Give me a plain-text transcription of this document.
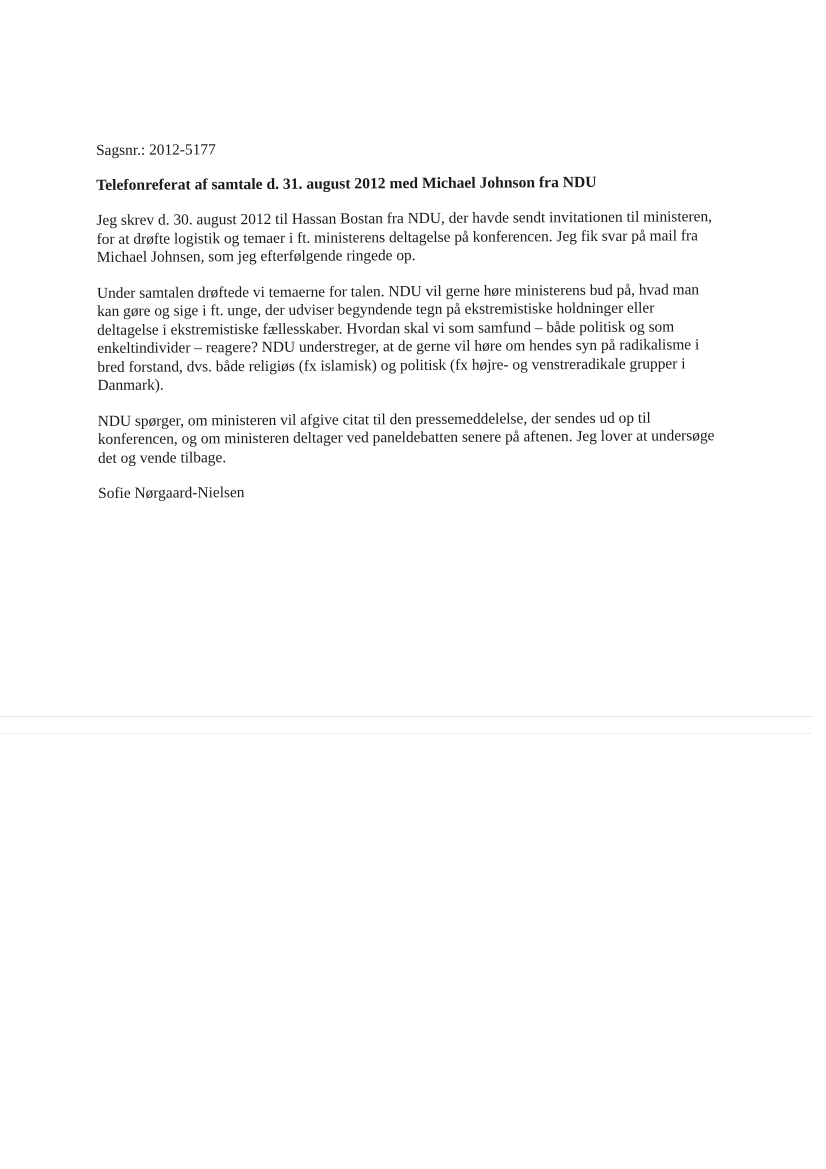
Sagsnr.: 2012-5177

Telefonreferat af samtale d. 31. august 2012 med Michael Johnson fra NDU

Jeg skrev d. 30. august 2012 til Hassan Bostan fra NDU, der havde sendt invitationen til ministeren,
for at drøfte logistik og temaer i ft. ministerens deltagelse på konferencen. Jeg fik svar på mail fra
Michael Johnsen, som jeg efterfølgende ringede op.

Under samtalen drøftede vi temaerne for talen. NDU vil gerne høre ministerens bud på, hvad man
kan gøre og sige i ft. unge, der udviser begyndende tegn på ekstremistiske holdninger eller
deltagelse i ekstremistiske fællesskaber. Hvordan skal vi som samfund – både politisk og som
enkeltindivider – reagere? NDU understreger, at de gerne vil høre om hendes syn på radikalisme i
bred forstand, dvs. både religiøs (fx islamisk) og politisk (fx højre- og venstreradikale grupper i
Danmark).

NDU spørger, om ministeren vil afgive citat til den pressemeddelelse, der sendes ud op til
konferencen, og om ministeren deltager ved paneldebatten senere på aftenen. Jeg lover at undersøge
det og vende tilbage.

Sofie Nørgaard-Nielsen
